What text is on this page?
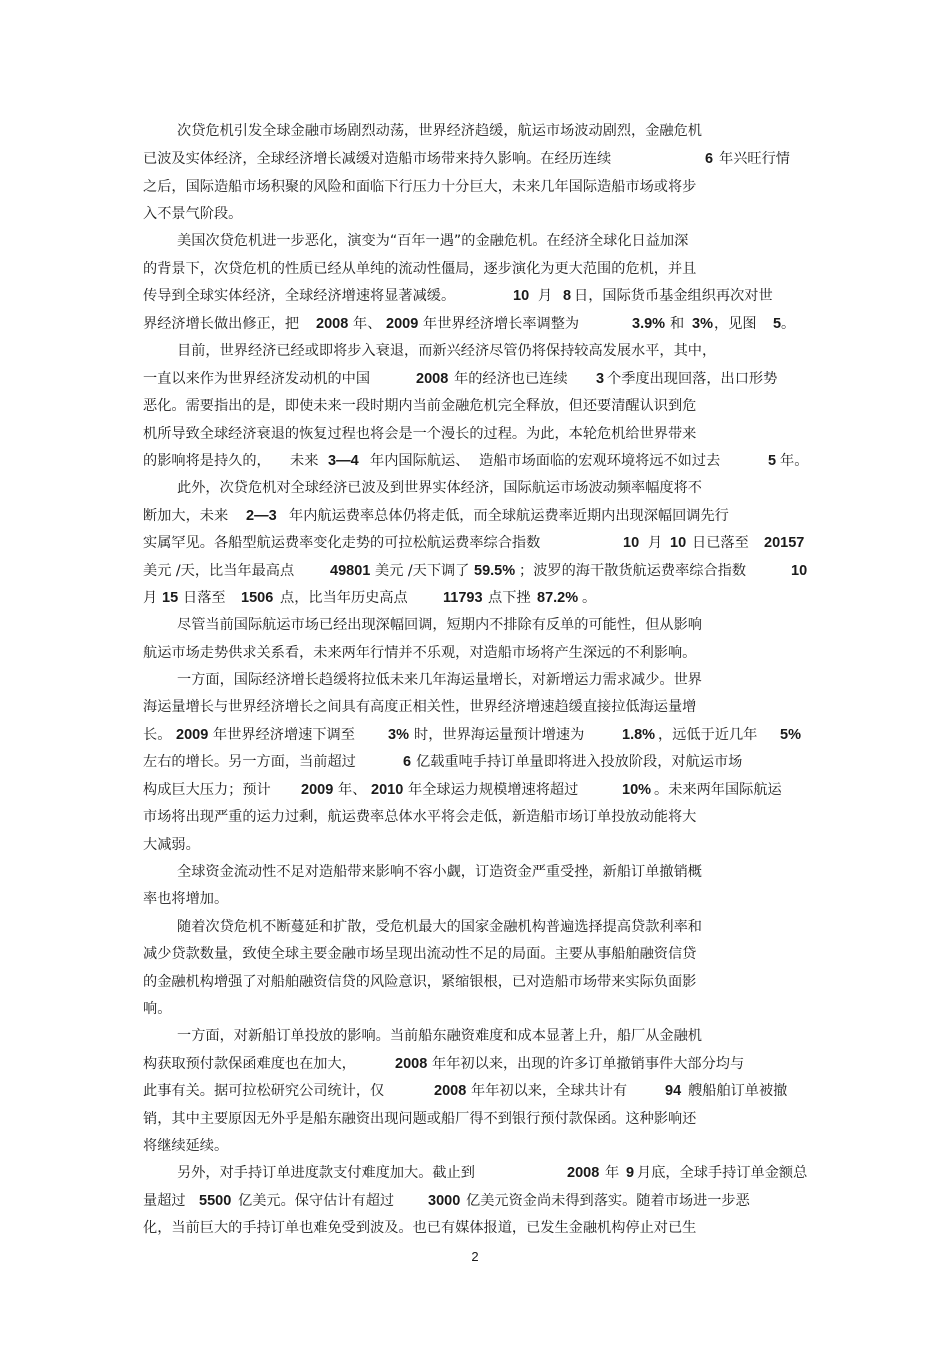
2
次贷危机引发全球金融市场剧烈动荡，世界经济趋缓，航运市场波动剧烈，金融危机
已波及实体经济，全球经济增长减缓对造船市场带来持久影响。在经历连续	6 年兴旺行情
之后，国际造船市场积聚的风险和面临下行压力十分巨大，未来几年国际造船市场或将步
入不景气阶段。
美国次贷危机进一步恶化，演变为“百年一遇”的金融危机。在经济全球化日益加深
的背景下，次贷危机的性质已经从单纯的流动性僵局，逐步演化为更大范围的危机，并且
传导到全球实体经济，全球经济增速将显著减缓。	10 月 8 日，国际货币基金组织再次对世
界经济增长做出修正，把 2008 年、 2009 年世界经济增长率调整为	3.9% 和 3% ，见图 5 。
目前，世界经济已经或即将步入衰退，而新兴经济尽管仍将保持较高发展水平，其中，
一直以来作为世界经济发动机的中国	2008 年的经济也已连续 3 个季度出现回落，出口形势
恶化。需要指出的是，即使未来一段时期内当前金融危机完全释放，但还要清醒认识到危
机所导致全球经济衰退的恢复过程也将会是一个漫长的过程。为此，本轮危机给世界带来
的影响将是持久的， 未来 3—4 年内国际航运、 造船市场面临的宏观环境将远不如过去	5 年。
此外，次贷危机对全球经济已波及到世界实体经济，国际航运市场波动频率幅度将不
断加大，未来 2—3 年内航运费率总体仍将走低，而全球航运费率近期内出现深幅回调先行
实属罕见。各船型航运费率变化走势的可拉松航运费率综合指数	10 月 10 日已落至 20157
美元 /天，比当年最高点 49801 美元 /天下调了 59.5% ；波罗的海干散货航运费率综合指数	10
月 15 日落至 1506 点，比当年历史高点 11793 点下挫 87.2% 。
尽管当前国际航运市场已经出现深幅回调，短期内不排除有反单的可能性，但从影响
航运市场走势供求关系看，未来两年行情并不乐观，对造船市场将产生深远的不利影响。
一方面，国际经济增长趋缓将拉低未来几年海运量增长，对新增运力需求减少。世界
海运量增长与世界经济增长之间具有高度正相关性，世界经济增速趋缓直接拉低海运量增
长。 2009 年世界经济增速下调至 3% 时，世界海运量预计增速为	1.8% ，远低于近几年 5%
左右的增长。另一方面，当前超过	6 亿载重吨手持订单量即将进入投放阶段，对航运市场
构成巨大压力；预计 2009 年、 2010 年全球运力规模增速将超过	10% 。未来两年国际航运
市场将出现严重的运力过剩，航运费率总体水平将会走低，新造船市场订单投放动能将大
大减弱。
全球资金流动性不足对造船带来影响不容小觑，订造资金严重受挫，新船订单撤销概
率也将增加。
随着次贷危机不断蔓延和扩散，受危机最大的国家金融机构普遍选择提高贷款利率和
减少贷款数量，致使全球主要金融市场呈现出流动性不足的局面。主要从事船舶融资信贷
的金融机构增强了对船舶融资信贷的风险意识，紧缩银根，已对造船市场带来实际负面影
响。
一方面，对新船订单投放的影响。当前船东融资难度和成本显著上升，船厂从金融机
构获取预付款保函难度也在加大，	2008 年年初以来，出现的许多订单撤销事件大部分均与
此事有关。据可拉松研究公司统计，仅	2008 年年初以来，全球共计有	94 艘船舶订单被撤
销，其中主要原因无外乎是船东融资出现问题或船厂得不到银行预付款保函。这种影响还
将继续延续。
另外，对手持订单进度款支付难度加大。截止到	2008 年 9 月底，全球手持订单金额总
量超过 5500 亿美元。保守估计有超过 3000 亿美元资金尚未得到落实。随着市场进一步恶
化，当前巨大的手持订单也难免受到波及。也已有媒体报道，已发生金融机构停止对已生
